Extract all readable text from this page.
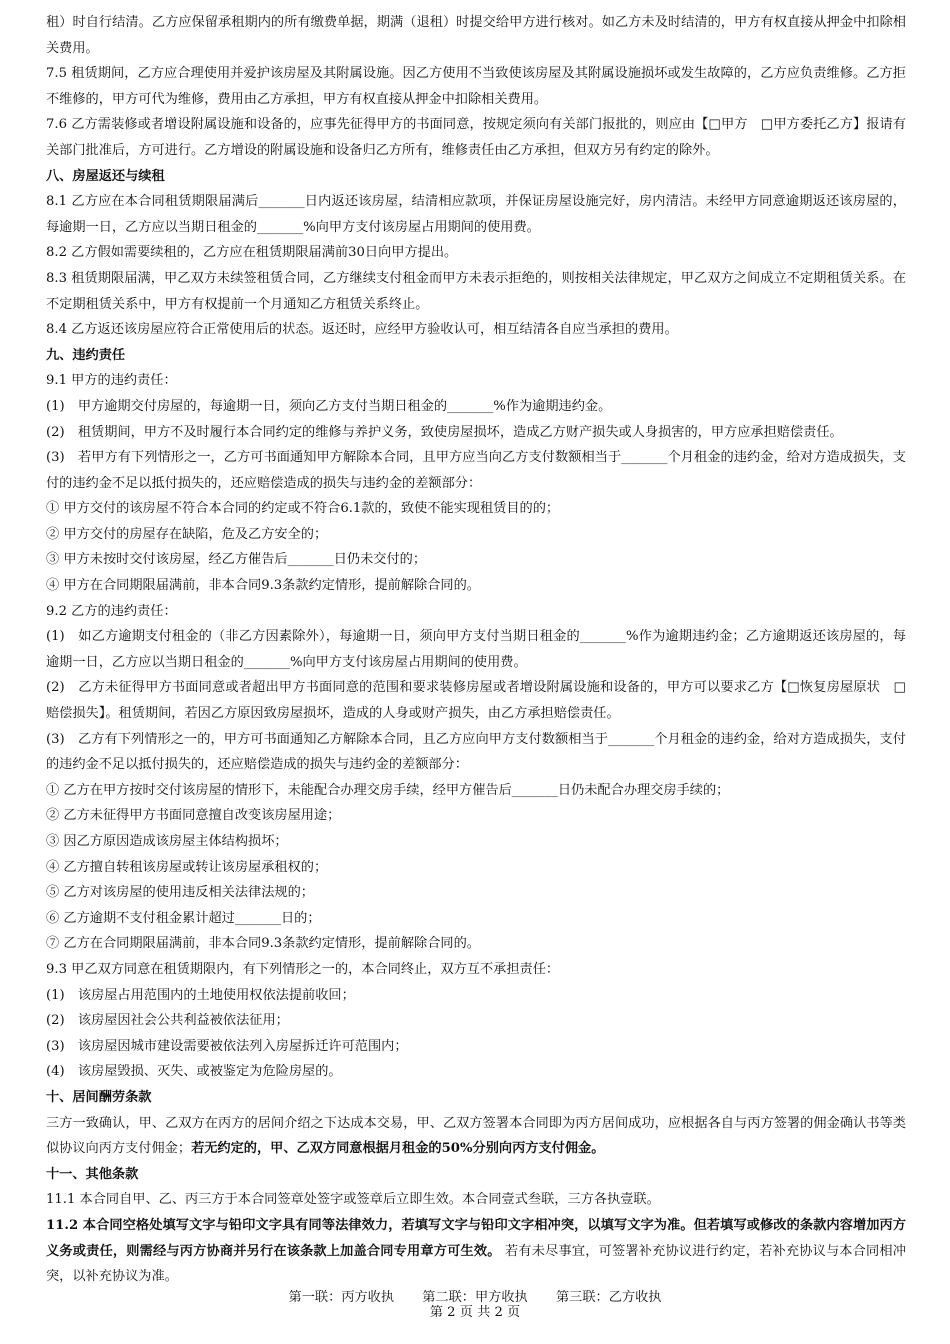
租）时自行结清。乙方应保留承租期内的所有缴费单据，期满（退租）时提交给甲方进行核对。如乙方未及时结清的，甲方有权直接从押金中扣除相关费用。

7.5 租赁期间，乙方应合理使用并爱护该房屋及其附属设施。因乙方使用不当致使该房屋及其附属设施损坏或发生故障的，乙方应负责维修。乙方拒不维修的，甲方可代为维修，费用由乙方承担，甲方有权直接从押金中扣除相关费用。

7.6 乙方需装修或者增设附属设施和设备的，应事先征得甲方的书面同意，按规定须向有关部门报批的，则应由【□甲方　□甲方委托乙方】报请有关部门批准后，方可进行。乙方增设的附属设施和设备归乙方所有，维修责任由乙方承担，但双方另有约定的除外。

八、房屋返还与续租

8.1 乙方应在本合同租赁期限届满后_______日内返还该房屋，结清相应款项，并保证房屋设施完好，房内清洁。未经甲方同意逾期返还该房屋的，每逾期一日，乙方应以当期日租金的_______%向甲方支付该房屋占用期间的使用费。

8.2 乙方假如需要续租的，乙方应在租赁期限届满前30日向甲方提出。

8.3 租赁期限届满，甲乙双方未续签租赁合同，乙方继续支付租金而甲方未表示拒绝的，则按相关法律规定，甲乙双方之间成立不定期租赁关系。在不定期租赁关系中，甲方有权提前一个月通知乙方租赁关系终止。

8.4 乙方返还该房屋应符合正常使用后的状态。返还时，应经甲方验收认可，相互结清各自应当承担的费用。

九、违约责任

9.1 甲方的违约责任：

(1)　甲方逾期交付房屋的，每逾期一日，须向乙方支付当期日租金的_______%作为逾期违约金。

(2)　租赁期间，甲方不及时履行本合同约定的维修与养护义务，致使房屋损坏，造成乙方财产损失或人身损害的，甲方应承担赔偿责任。

(3)　若甲方有下列情形之一，乙方可书面通知甲方解除本合同，且甲方应当向乙方支付数额相当于_______个月租金的违约金，给对方造成损失，支付的违约金不足以抵付损失的，还应赔偿造成的损失与违约金的差额部分：

① 甲方交付的该房屋不符合本合同的约定或不符合6.1款的，致使不能实现租赁目的的；

② 甲方交付的房屋存在缺陷，危及乙方安全的；

③ 甲方未按时交付该房屋，经乙方催告后_______日仍未交付的；

④ 甲方在合同期限届满前，非本合同9.3条款约定情形，提前解除合同的。

9.2 乙方的违约责任：

(1)　如乙方逾期支付租金的（非乙方因素除外），每逾期一日，须向甲方支付当期日租金的_______%作为逾期违约金；乙方逾期返还该房屋的，每逾期一日，乙方应以当期日租金的_______%向甲方支付该房屋占用期间的使用费。

(2)　乙方未征得甲方书面同意或者超出甲方书面同意的范围和要求装修房屋或者增设附属设施和设备的，甲方可以要求乙方【□恢复房屋原状　□赔偿损失】。租赁期间，若因乙方原因致房屋损坏，造成的人身或财产损失，由乙方承担赔偿责任。

(3)　乙方有下列情形之一的，甲方可书面通知乙方解除本合同，且乙方应向甲方支付数额相当于_______个月租金的违约金，给对方造成损失，支付的违约金不足以抵付损失的，还应赔偿造成的损失与违约金的差额部分：

① 乙方在甲方按时交付该房屋的情形下，未能配合办理交房手续，经甲方催告后_______日仍未配合办理交房手续的；

② 乙方未征得甲方书面同意擅自改变该房屋用途；

③ 因乙方原因造成该房屋主体结构损坏；

④ 乙方擅自转租该房屋或转让该房屋承租权的；

⑤ 乙方对该房屋的使用违反相关法律法规的；

⑥ 乙方逾期不支付租金累计超过_______日的；

⑦ 乙方在合同期限届满前，非本合同9.3条款约定情形，提前解除合同的。

9.3 甲乙双方同意在租赁期限内，有下列情形之一的，本合同终止，双方互不承担责任：

(1)　该房屋占用范围内的土地使用权依法提前收回；

(2)　该房屋因社会公共利益被依法征用；

(3)　该房屋因城市建设需要被依法列入房屋拆迁许可范围内；

(4)　该房屋毁损、灭失、或被鉴定为危险房屋的。

十、居间酬劳条款

三方一致确认，甲、乙双方在丙方的居间介绍之下达成本交易，甲、乙双方签署本合同即为丙方居间成功，应根据各自与丙方签署的佣金确认书等类似协议向丙方支付佣金；若无约定的，甲、乙双方同意根据月租金的50%分别向丙方支付佣金。

十一、其他条款

11.1 本合同自甲、乙、丙三方于本合同签章处签字或签章后立即生效。本合同壹式叁联，三方各执壹联。

11.2 本合同空格处填写文字与铅印文字具有同等法律效力，若填写文字与铅印文字相冲突，以填写文字为准。但若填写或修改的条款内容增加丙方义务或责任，则需经与丙方协商并另行在该条款上加盖合同专用章方可生效。 若有未尽事宜，可签署补充协议进行约定，若补充协议与本合同相冲突，以补充协议为准。

第一联：丙方收执 第二联：甲方收执 第三联：乙方收执
第 2 页 共 2 页
